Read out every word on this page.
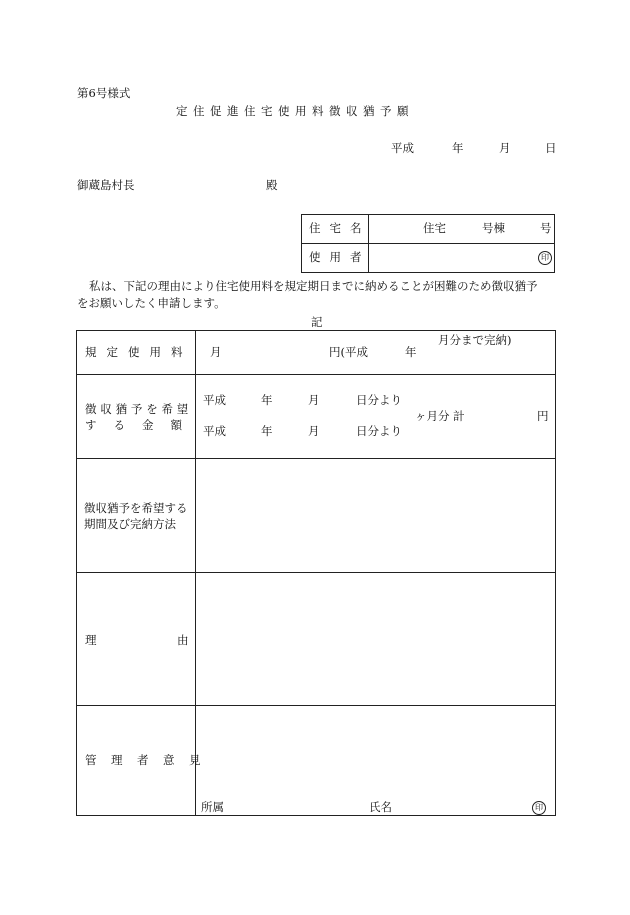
第6号様式
定住促進住宅使用料徴収猶予願
平成	年	月	日
御蔵島村長	殿
住宅名	住宅	号棟	号
使用者	印
私は、下記の理由により住宅使用料を規定期日までに納めることが困難のため徴収猶予
をお願いしたく申請します。
記
規定使用料 月	円(平成	年
月分まで完納)
徴収猶予を希望
する金額
平成	年	月	日分より
平成	年	月	日分より
ヶ月分 計	円
徴収猶予を希望する
期間及び完納方法
理	由
管理者意見
所属	氏名	印
